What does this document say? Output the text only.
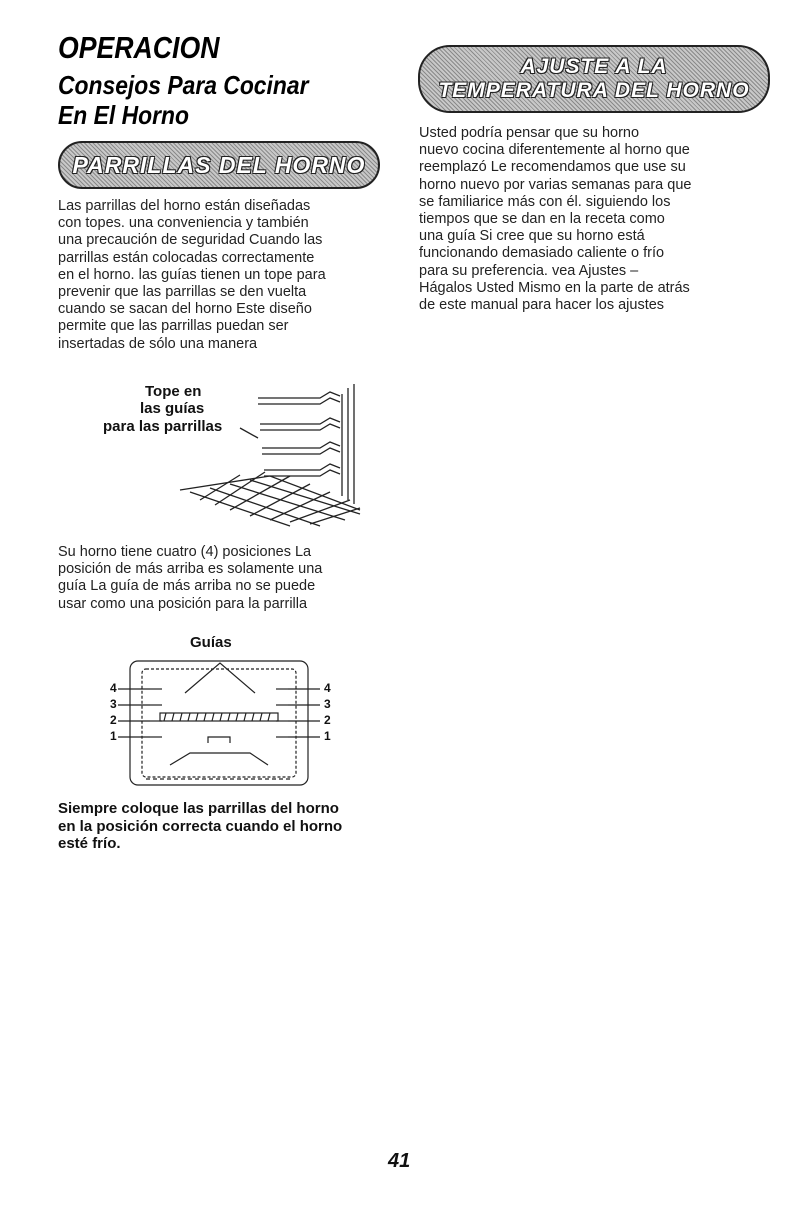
OPERACION
Consejos Para Cocinar
En El Horno
PARRILLAS DEL HORNO
AJUSTE A LA
TEMPERATURA DEL HORNO
Las parrillas del horno están diseñadas
con topes. una conveniencia y también
una precaución de seguridad Cuando las
parrillas están colocadas correctamente
en el horno. las guías tienen un tope para
prevenir que las parrillas se den vuelta
cuando se sacan del horno Este diseño
permite que las parrillas puedan ser
insertadas de sólo una manera
Tope en
las guías
para las parrillas
Su horno tiene cuatro (4) posiciones La
posición de más arriba es solamente una
guía La guía de más arriba no se puede
usar como una posición para la parrilla
Guías
4
3
2
1
4
3
2
1
Siempre coloque las parrillas del horno
en la posición correcta cuando el horno
esté frío.
Usted podría pensar que su horno
nuevo cocina diferentemente al horno que
reemplazó Le recomendamos que use su
horno nuevo por varias semanas para que
se familiarice más con él. siguiendo los
tiempos que se dan en la receta como
una guía Si cree que su horno está
funcionando demasiado caliente o frío
para su preferencia. vea Ajustes –
Hágalos Usted Mismo en la parte de atrás
de este manual para hacer los ajustes
41
